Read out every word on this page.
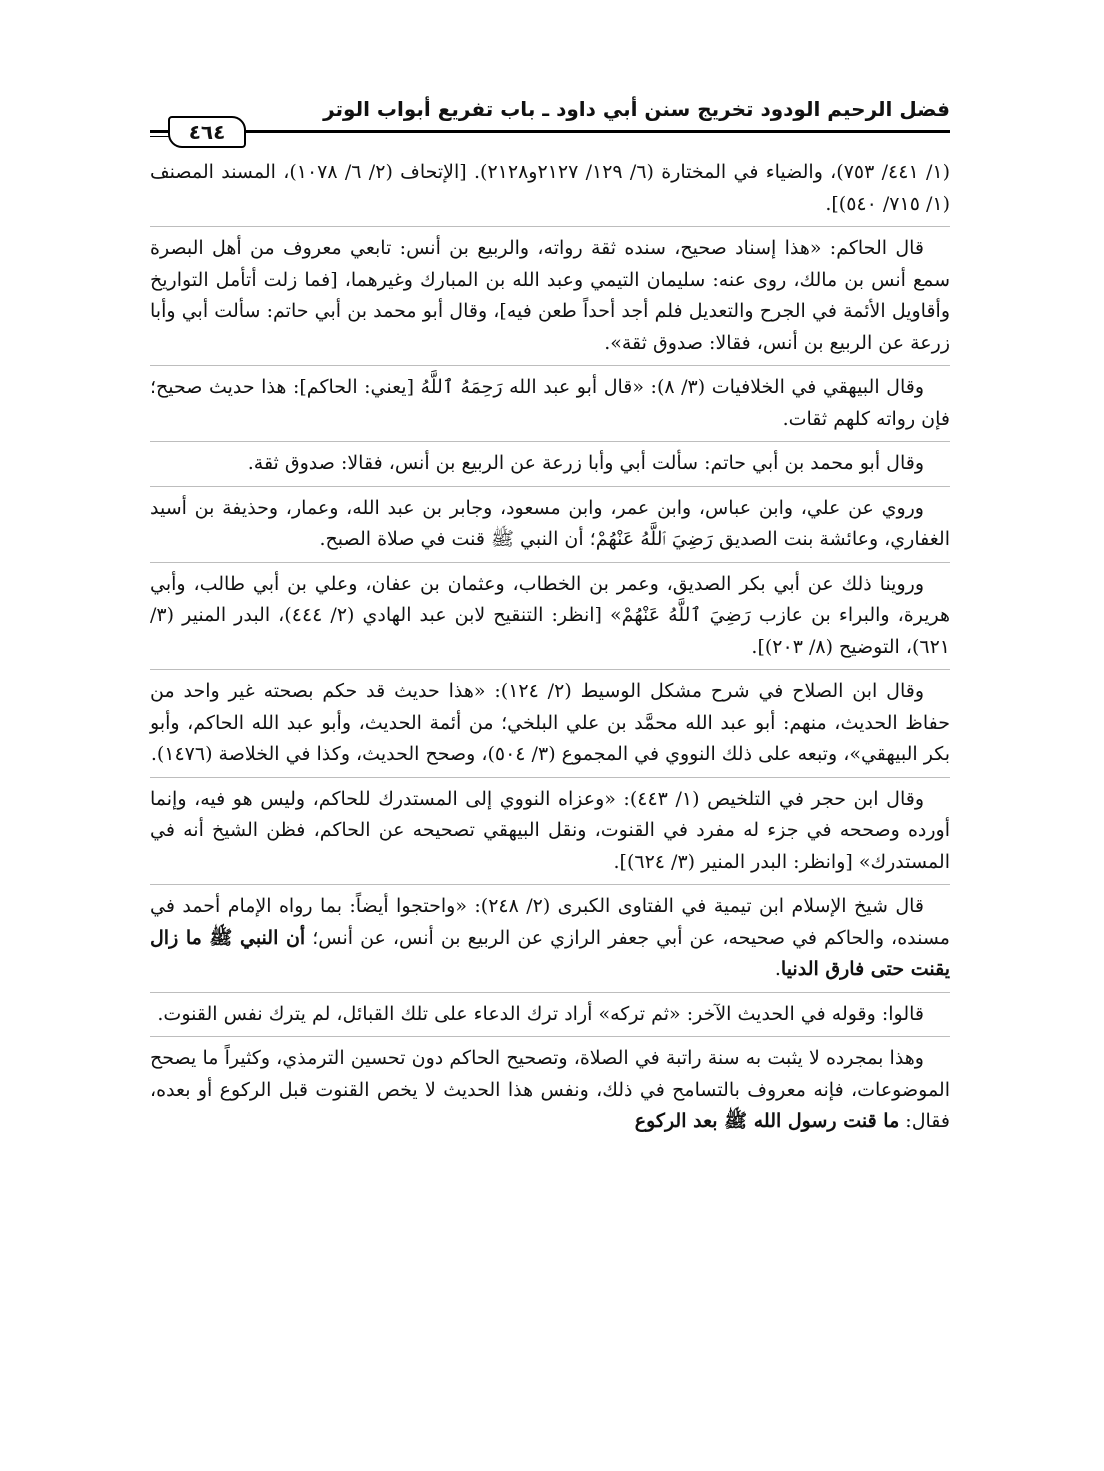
٤٦٤
فضل الرحيم الودود تخريج سنن أبي داود ـ باب تفريع أبواب الوتر

(١/ ٤٤١/ ٧٥٣)، والضياء في المختارة (٦/ ١٢٩/ ٢١٢٧و٢١٢٨). [الإتحاف (٢/ ٦/ ١٠٧٨)، المسند المصنف (١/ ٧١٥/ ٥٤٠)].

قال الحاكم: «هذا إسناد صحيح، سنده ثقة رواته، والربيع بن أنس: تابعي معروف من أهل البصرة سمع أنس بن مالك، روى عنه: سليمان التيمي وعبد الله بن المبارك وغيرهما، [فما زلت أتأمل التواريخ وأقاويل الأئمة في الجرح والتعديل فلم أجد أحداً طعن فيه]، وقال أبو محمد بن أبي حاتم: سألت أبي وأبا زرعة عن الربيع بن أنس، فقالا: صدوق ثقة».

وقال البيهقي في الخلافيات (٣/ ٨): «قال أبو عبد الله رَحِمَهُ ٱللَّهُ [يعني: الحاكم]: هذا حديث صحيح؛ فإن رواته كلهم ثقات.

وقال أبو محمد بن أبي حاتم: سألت أبي وأبا زرعة عن الربيع بن أنس، فقالا: صدوق ثقة.

وروي عن علي، وابن عباس، وابن عمر، وابن مسعود، وجابر بن عبد الله، وعمار، وحذيفة بن أسيد الغفاري، وعائشة بنت الصديق رَضِيَ ٱللَّهُ عَنْهُمْ؛ أن النبي ﷺ قنت في صلاة الصبح.

وروينا ذلك عن أبي بكر الصديق، وعمر بن الخطاب، وعثمان بن عفان، وعلي بن أبي طالب، وأبي هريرة، والبراء بن عازب رَضِيَ ٱللَّهُ عَنْهُمْ» [انظر: التنقيح لابن عبد الهادي (٢/ ٤٤٤)، البدر المنير (٣/ ٦٢١)، التوضيح (٨/ ٢٠٣)].

وقال ابن الصلاح في شرح مشكل الوسيط (٢/ ١٢٤): «هذا حديث قد حكم بصحته غير واحد من حفاظ الحديث، منهم: أبو عبد الله محمَّد بن علي البلخي؛ من أئمة الحديث، وأبو عبد الله الحاكم، وأبو بكر البيهقي»، وتبعه على ذلك النووي في المجموع (٣/ ٥٠٤)، وصحح الحديث، وكذا في الخلاصة (١٤٧٦).

وقال ابن حجر في التلخيص (١/ ٤٤٣): «وعزاه النووي إلى المستدرك للحاكم، وليس هو فيه، وإنما أورده وصححه في جزء له مفرد في القنوت، ونقل البيهقي تصحيحه عن الحاكم، فظن الشيخ أنه في المستدرك» [وانظر: البدر المنير (٣/ ٦٢٤)].

قال شيخ الإسلام ابن تيمية في الفتاوى الكبرى (٢/ ٢٤٨): «واحتجوا أيضاً: بما رواه الإمام أحمد في مسنده، والحاكم في صحيحه، عن أبي جعفر الرازي عن الربيع بن أنس، عن أنس؛ أن النبي ﷺ ما زال يقنت حتى فارق الدنيا.

قالوا: وقوله في الحديث الآخر: «ثم تركه» أراد ترك الدعاء على تلك القبائل، لم يترك نفس القنوت.

وهذا بمجرده لا يثبت به سنة راتبة في الصلاة، وتصحيح الحاكم دون تحسين الترمذي، وكثيراً ما يصحح الموضوعات، فإنه معروف بالتسامح في ذلك، ونفس هذا الحديث لا يخص القنوت قبل الركوع أو بعده، فقال: ما قنت رسول الله ﷺ بعد الركوع
